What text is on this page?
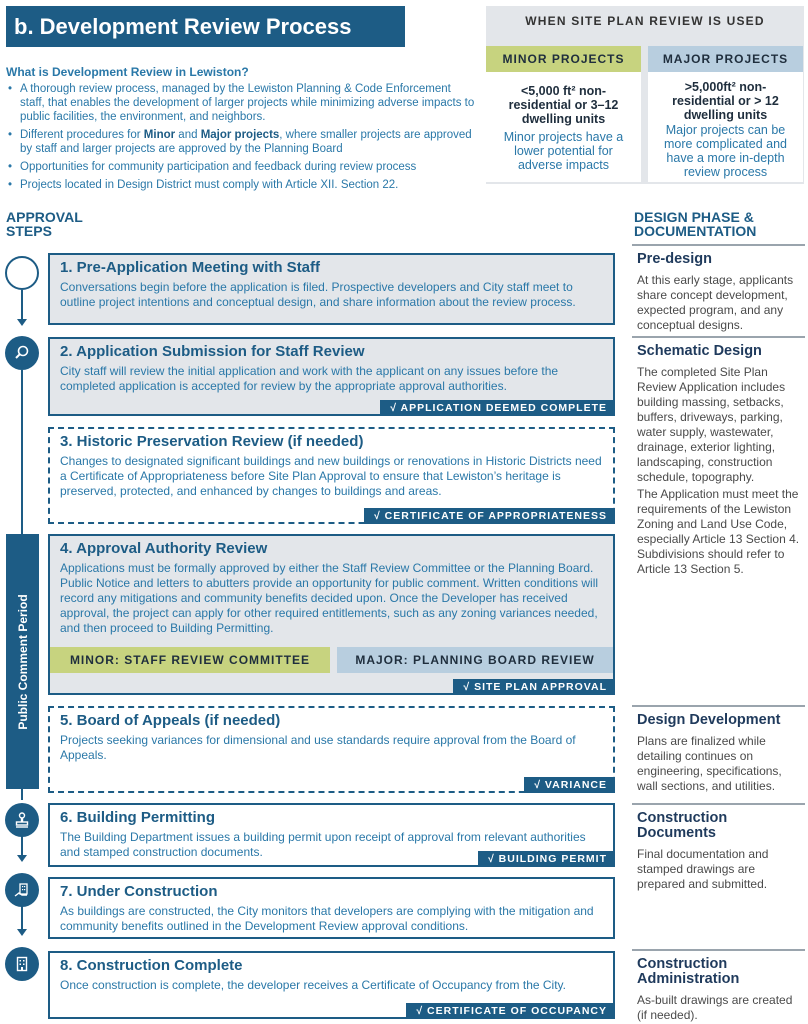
b. Development Review Process
What is Development Review in Lewiston?
• A thorough review process, managed by the Lewiston Planning & Code Enforcement staff, that enables the development of larger projects while minimizing adverse impacts to public facilities, the environment, and neighbors.
• Different procedures for Minor and Major projects, where smaller projects are approved by staff and larger projects are approved by the Planning Board
• Opportunities for community participation and feedback during review process
• Projects located in Design District must comply with Article XII. Section 22.
WHEN SITE PLAN REVIEW IS USED
MINOR PROJECTS
<5,000 ft² non-residential or 3–12 dwelling units
Minor projects have a lower potential for adverse impacts
MAJOR PROJECTS
>5,000ft² non-residential or > 12 dwelling units
Major projects can be more complicated and have a more in-depth review process
APPROVAL
STEPS
DESIGN PHASE &
DOCUMENTATION
Public Comment Period
1. Pre-Application Meeting with Staff
Conversations begin before the application is filed. Prospective developers and City staff meet to outline project intentions and conceptual design, and share information about the review process.
2. Application Submission for Staff Review
City staff will review the initial application and work with the applicant on any issues before the completed application is accepted for review by the appropriate approval authorities.
√ APPLICATION DEEMED COMPLETE
3. Historic Preservation Review (if needed)
Changes to designated significant buildings and new buildings or renovations in Historic Districts need a Certificate of Appropriateness before Site Plan Approval to ensure that Lewiston’s heritage is preserved, protected, and enhanced by changes to buildings and areas.
√ CERTIFICATE OF APPROPRIATENESS
4. Approval Authority Review
Applications must be formally approved by either the Staff Review Committee or the Planning Board. Public Notice and letters to abutters provide an opportunity for public comment. Written conditions will record any mitigations and community benefits decided upon. Once the Developer has received approval, the project can apply for other required entitlements, such as any zoning variances needed, and then proceed to Building Permitting.
MINOR: STAFF REVIEW COMMITTEE	MAJOR: PLANNING BOARD REVIEW
√ SITE PLAN APPROVAL
5. Board of Appeals (if needed)
Projects seeking variances for dimensional and use standards require approval from the Board of Appeals.
√ VARIANCE
6. Building Permitting
The Building Department issues a building permit upon receipt of approval from relevant authorities and stamped construction documents.	√ BUILDING PERMIT
7. Under Construction
As buildings are constructed, the City monitors that developers are complying with the mitigation and community benefits outlined in the Development Review approval conditions.
8. Construction Complete
Once construction is complete, the developer receives a Certificate of Occupancy from the City.
√ CERTIFICATE OF OCCUPANCY
Pre-design
At this early stage, applicants share concept development, expected program, and any conceptual designs.
Schematic Design
The completed Site Plan Review Application includes building massing, setbacks, buffers, driveways, parking, water supply, wastewater, drainage, exterior lighting, landscaping, construction schedule, topography.
The Application must meet the requirements of the Lewiston Zoning and Land Use Code, especially Article 13 Section 4. Subdivisions should refer to Article 13 Section 5.
Design Development
Plans are finalized while detailing continues on engineering, specifications, wall sections, and utilities.
Construction
Documents
Final documentation and stamped drawings are prepared and submitted.
Construction
Administration
As-built drawings are created (if needed).
